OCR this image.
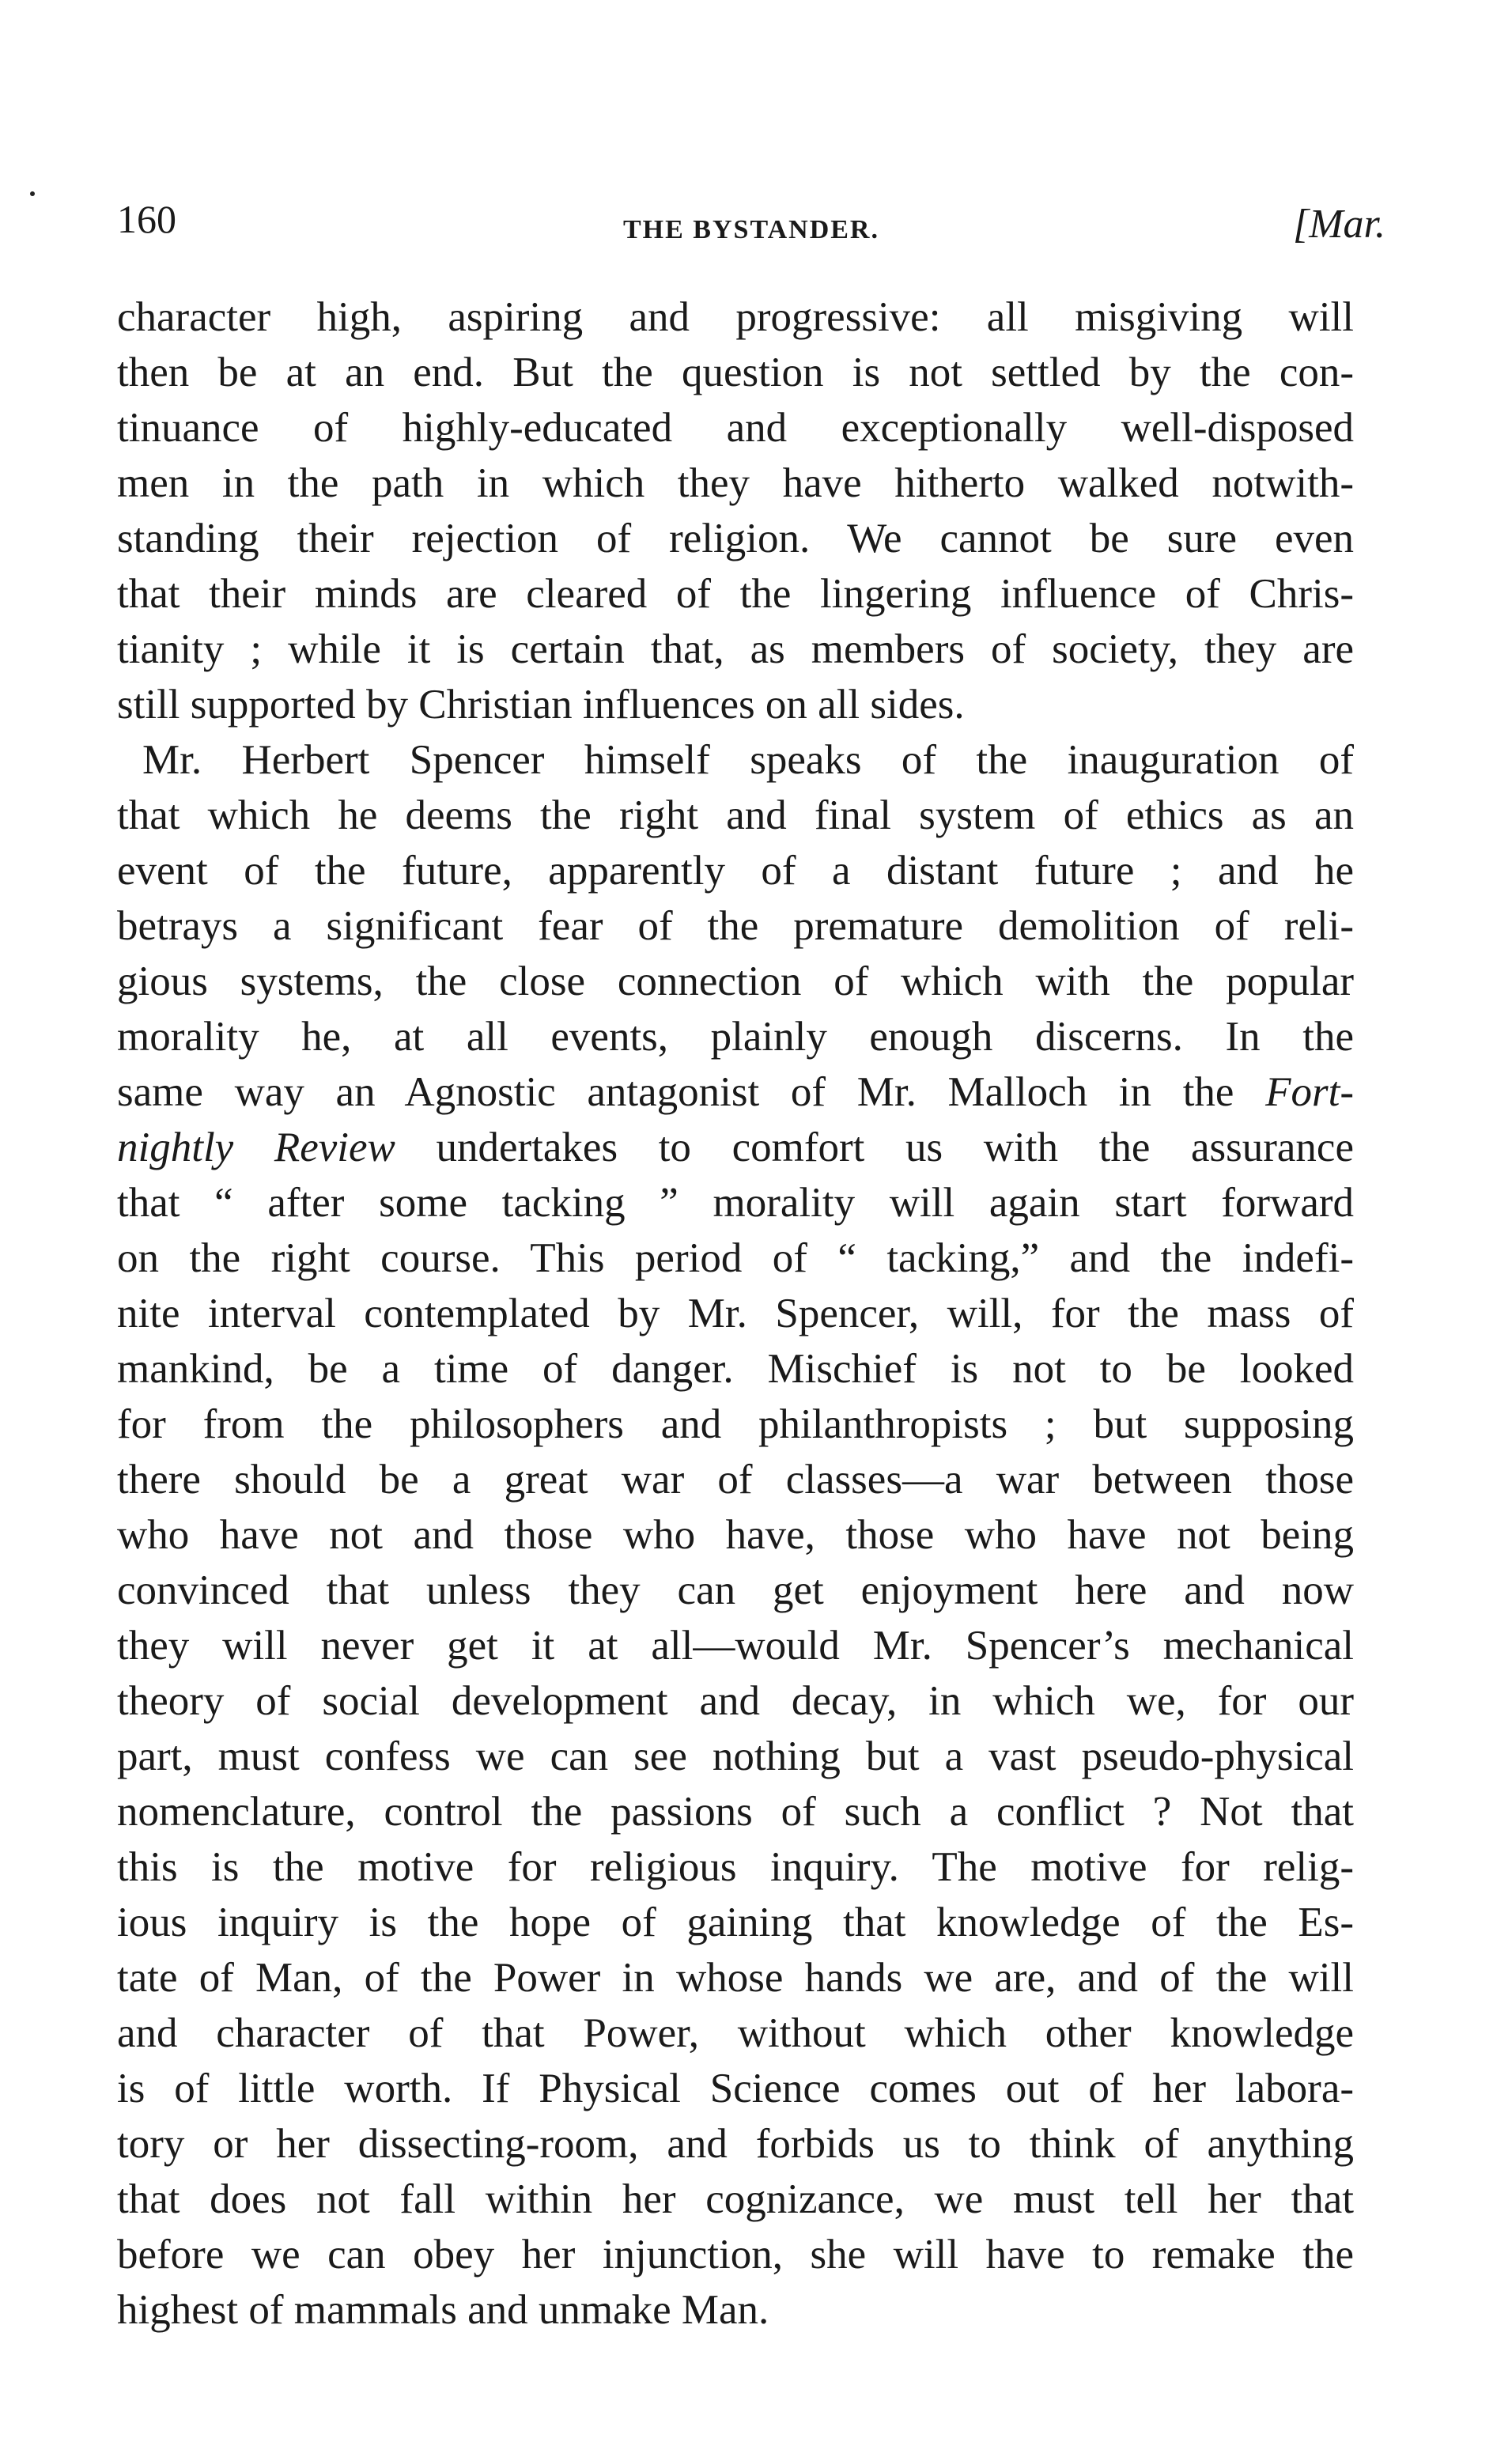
160	THE BYSTANDER.	[Mar.
character high, aspiring and progressive: all misgiving will
then be at an end. But the question is not settled by the con-
tinuance of highly-educated and exceptionally well-disposed
men in the path in which they have hitherto walked notwith-
standing their rejection of religion. We cannot be sure even
that their minds are cleared of the lingering influence of Chris-
tianity ; while it is certain that, as members of society, they are
still supported by Christian influences on all sides.
Mr. Herbert Spencer himself speaks of the inauguration of
that which he deems the right and final system of ethics as an
event of the future, apparently of a distant future ; and he
betrays a significant fear of the premature demolition of reli-
gious systems, the close connection of which with the popular
morality he, at all events, plainly enough discerns. In the
same way an Agnostic antagonist of Mr. Malloch in the Fort-
nightly Review undertakes to comfort us with the assurance
that “ after some tacking ” morality will again start forward
on the right course. This period of “ tacking,” and the indefi-
nite interval contemplated by Mr. Spencer, will, for the mass of
mankind, be a time of danger. Mischief is not to be looked
for from the philosophers and philanthropists ; but supposing
there should be a great war of classes—a war between those
who have not and those who have, those who have not being
convinced that unless they can get enjoyment here and now
they will never get it at all—would Mr. Spencer’s mechanical
theory of social development and decay, in which we, for our
part, must confess we can see nothing but a vast pseudo-physical
nomenclature, control the passions of such a conflict ? Not that
this is the motive for religious inquiry. The motive for relig-
ious inquiry is the hope of gaining that knowledge of the Es-
tate of Man, of the Power in whose hands we are, and of the will
and character of that Power, without which other knowledge
is of little worth. If Physical Science comes out of her labora-
tory or her dissecting-room, and forbids us to think of anything
that does not fall within her cognizance, we must tell her that
before we can obey her injunction, she will have to remake the
highest of mammals and unmake Man.
